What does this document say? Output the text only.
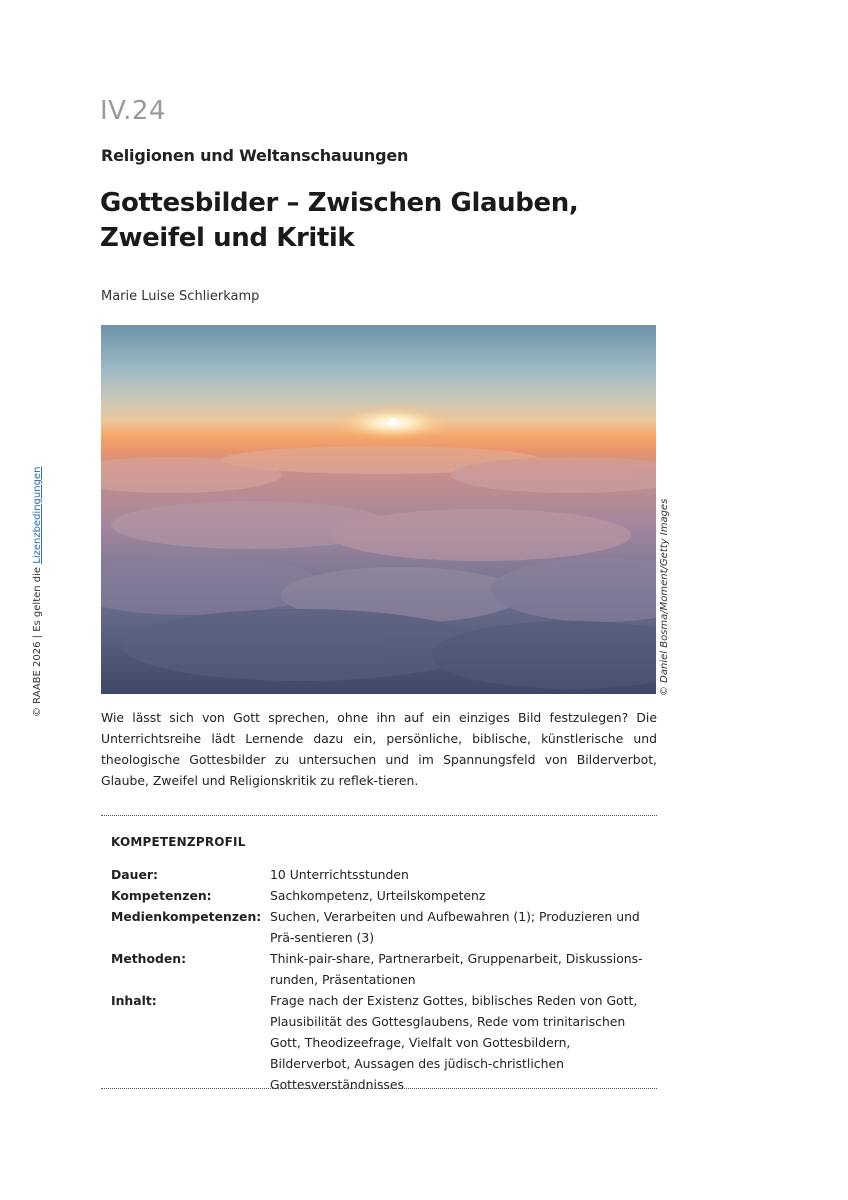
IV.24
Religionen und Weltanschauungen
Gottesbilder – Zwischen Glauben, Zweifel und Kritik
Marie Luise Schlierkamp
© Daniel Bosma/Moment/Getty Images
© RAABE 2026 | Es gelten die Lizenzbedingungen

Wie lässt sich von Gott sprechen, ohne ihn auf ein einziges Bild festzulegen? Die Unterrichtsreihe lädt Lernende dazu ein, persönliche, biblische, künstlerische und theologische Gottesbilder zu untersuchen und im Spannungsfeld von Bilderverbot, Glaube, Zweifel und Religionskritik zu reflek-tieren.

KOMPETENZPROFIL
Dauer:	10 Unterrichtsstunden
Kompetenzen:	Sachkompetenz, Urteilskompetenz
Medienkompetenzen:	Suchen, Verarbeiten und Aufbewahren (1); Produzieren und Prä-sentieren (3)
Methoden:	Think-pair-share, Partnerarbeit, Gruppenarbeit, Diskussions-runden, Präsentationen
Inhalt:	Frage nach der Existenz Gottes, biblisches Reden von Gott, Plausibilität des Gottesglaubens, Rede vom trinitarischen Gott, Theodizeefrage, Vielfalt von Gottesbildern, Bilderverbot, Aussagen des jüdisch-christlichen Gottesverständnisses
